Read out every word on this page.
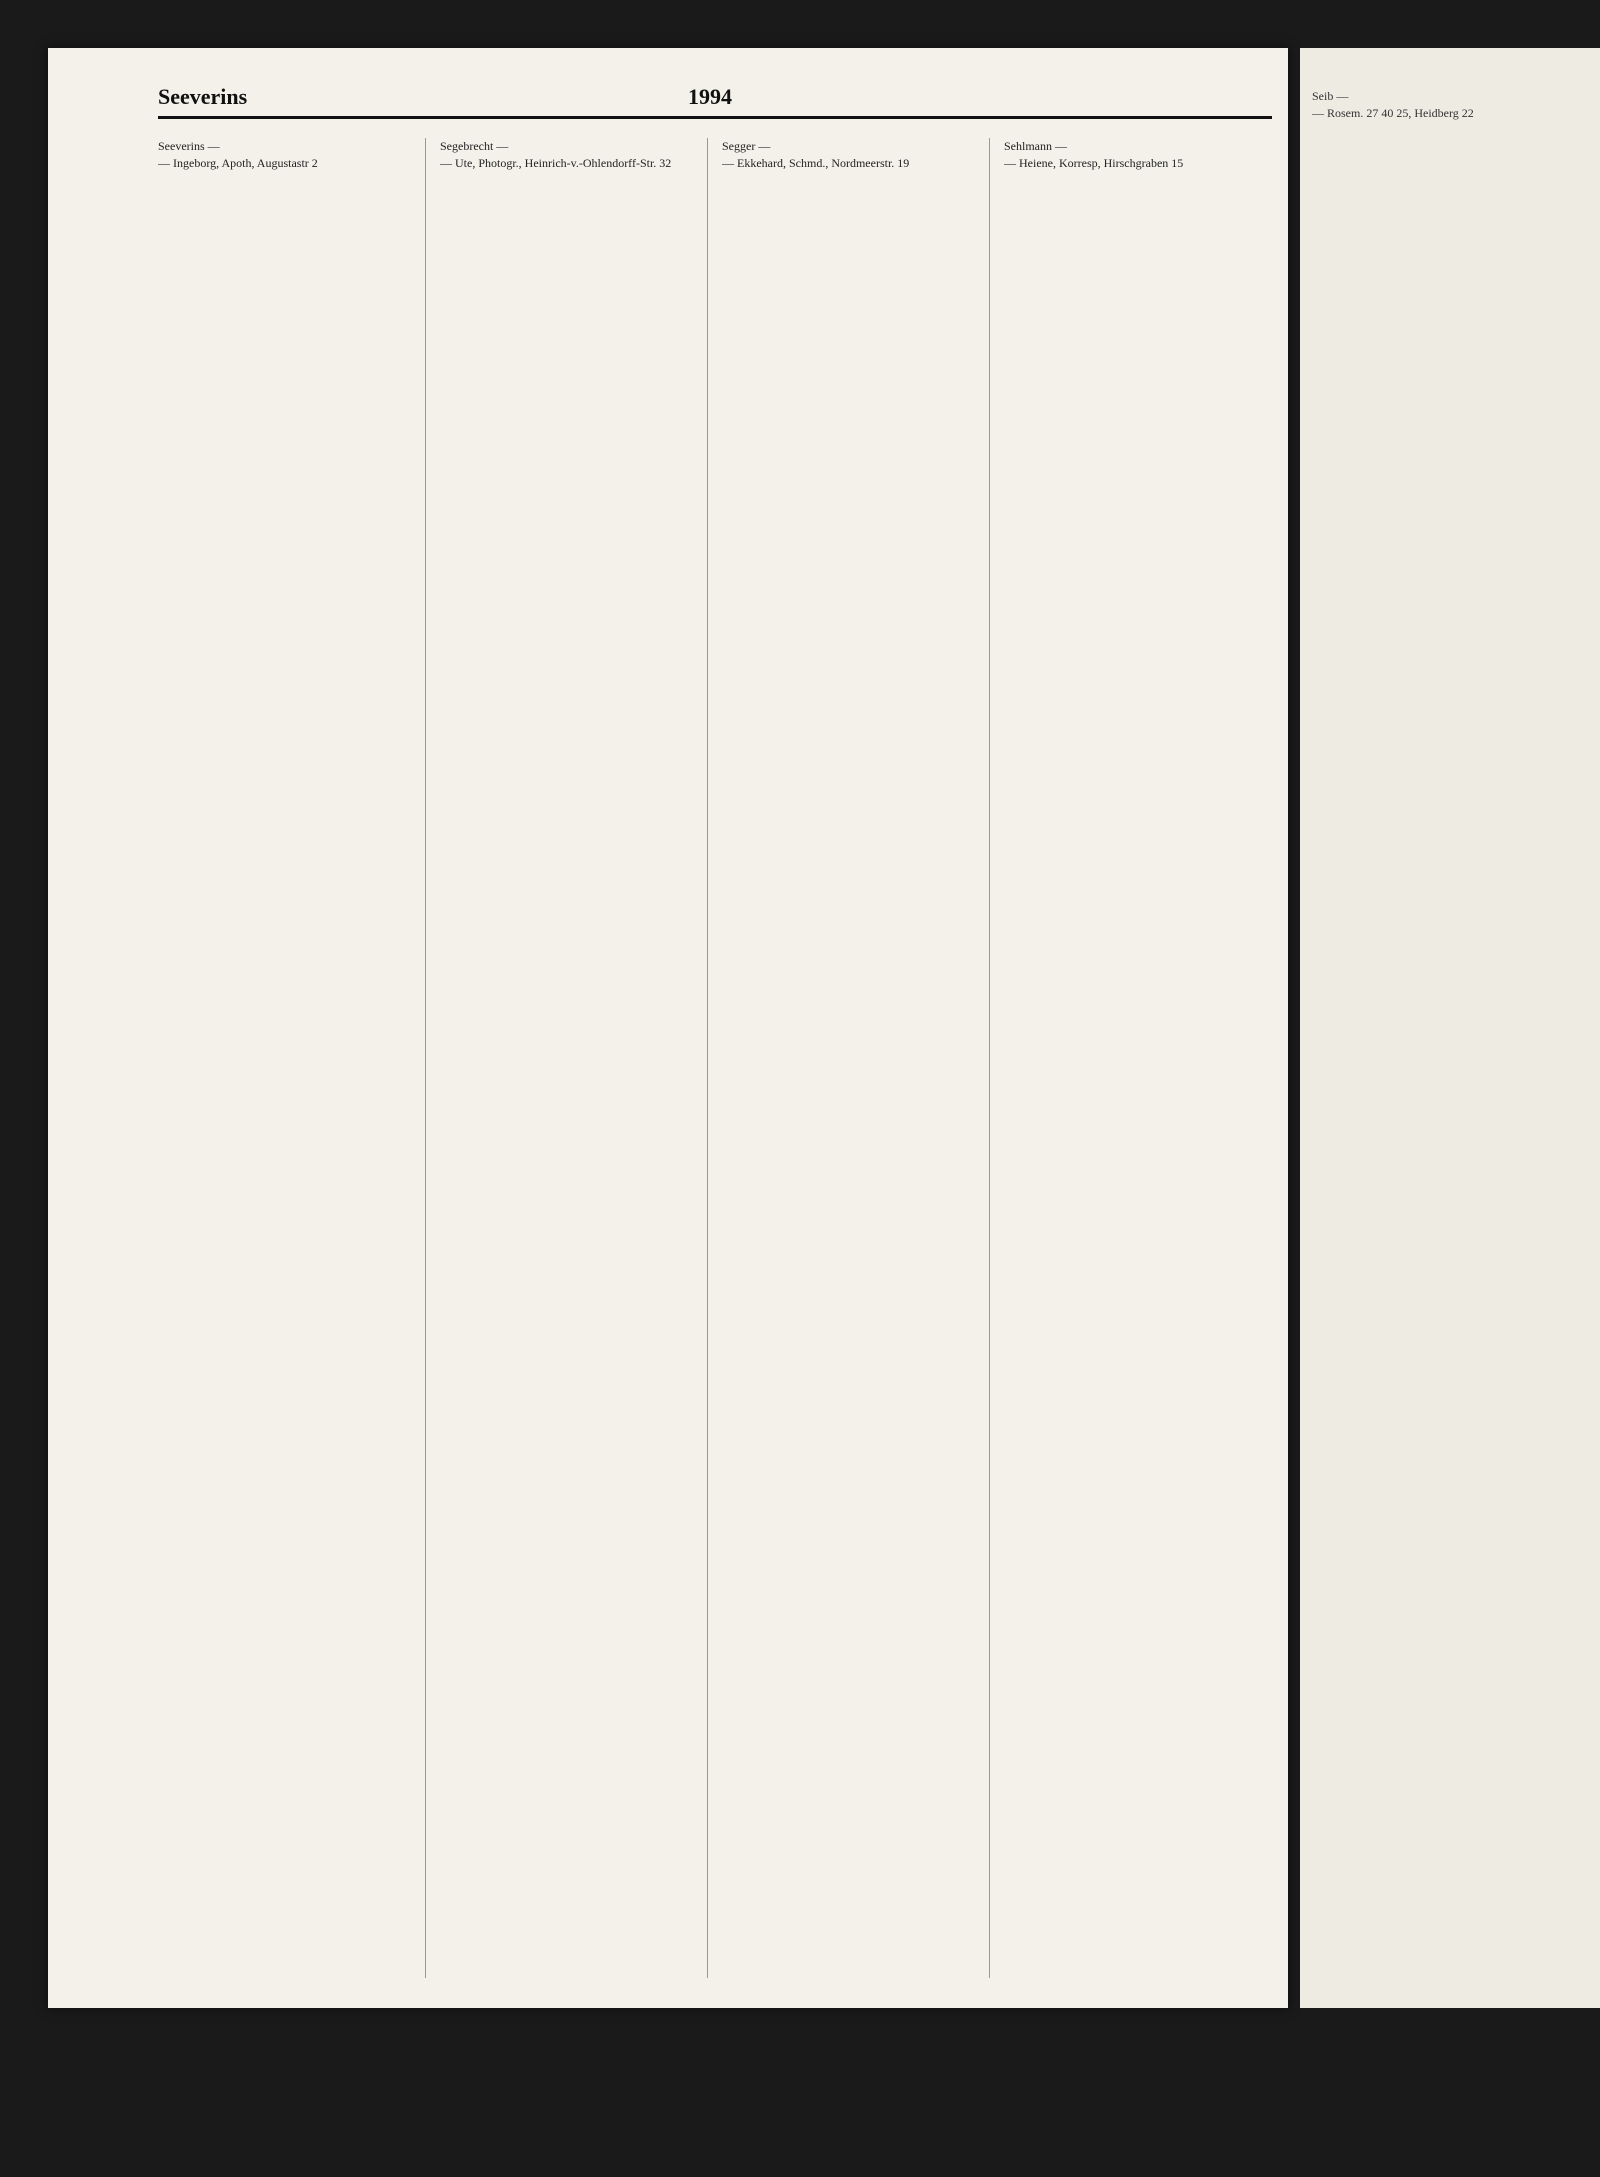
Seeverins	1994

Seeverins —

— Ingeborg, Apoth, Augustastr 2

Segebrecht —

— Ute, Photogr., Heinrich-v.-Ohlendorff-Str. 32

Segger —

— Ekkehard, Schmd., Nordmeerstr. 19

Sehlmann —

— Heiene, Korresp, Hirschgraben 15

Seib —

— Rosem. 27 40 25, Heidberg 22
